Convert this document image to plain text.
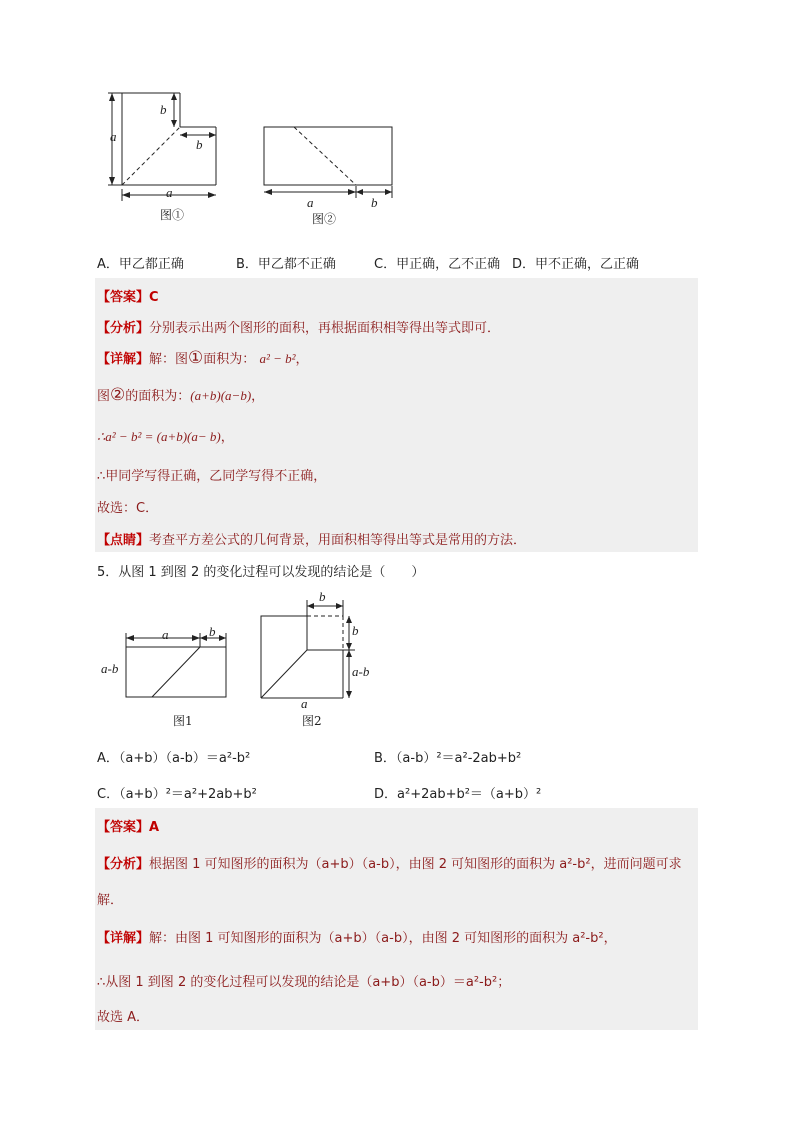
a
b
b
a
图①
a	b
图②
A．甲乙都正确	B．甲乙都不正确	C．甲正确，乙不正确 D．甲不正确，乙正确
【答案】C
【分析】分别表示出两个图形的面积，再根据面积相等得出等式即可．
【详解】解：图①面积为： a² − b²，
图②的面积为：(a+b)(a−b)，
∴a² − b² = (a+b)(a− b)，
∴甲同学写得正确，乙同学写得不正确，
故选：C．
【点睛】考查平方差公式的几何背景，用面积相等得出等式是常用的方法．
5．从图 1 到图 2 的变化过程可以发现的结论是（　　）
a	b
a-b
图1
b
b
a-b
a
图2
A．（a+b）（a-b）＝a²-b²	B．（a-b）²＝a²-2ab+b²
C．（a+b）²＝a²+2ab+b²	D．a²+2ab+b²＝（a+b）²
【答案】A
【分析】根据图 1 可知图形的面积为（a+b）（a-b），由图 2 可知图形的面积为 a²-b²，进而问题可求
解．
【详解】解：由图 1 可知图形的面积为（a+b）（a-b），由图 2 可知图形的面积为 a²-b²，
∴从图 1 到图 2 的变化过程可以发现的结论是（a+b）（a-b）＝a²-b²；
故选 A．
